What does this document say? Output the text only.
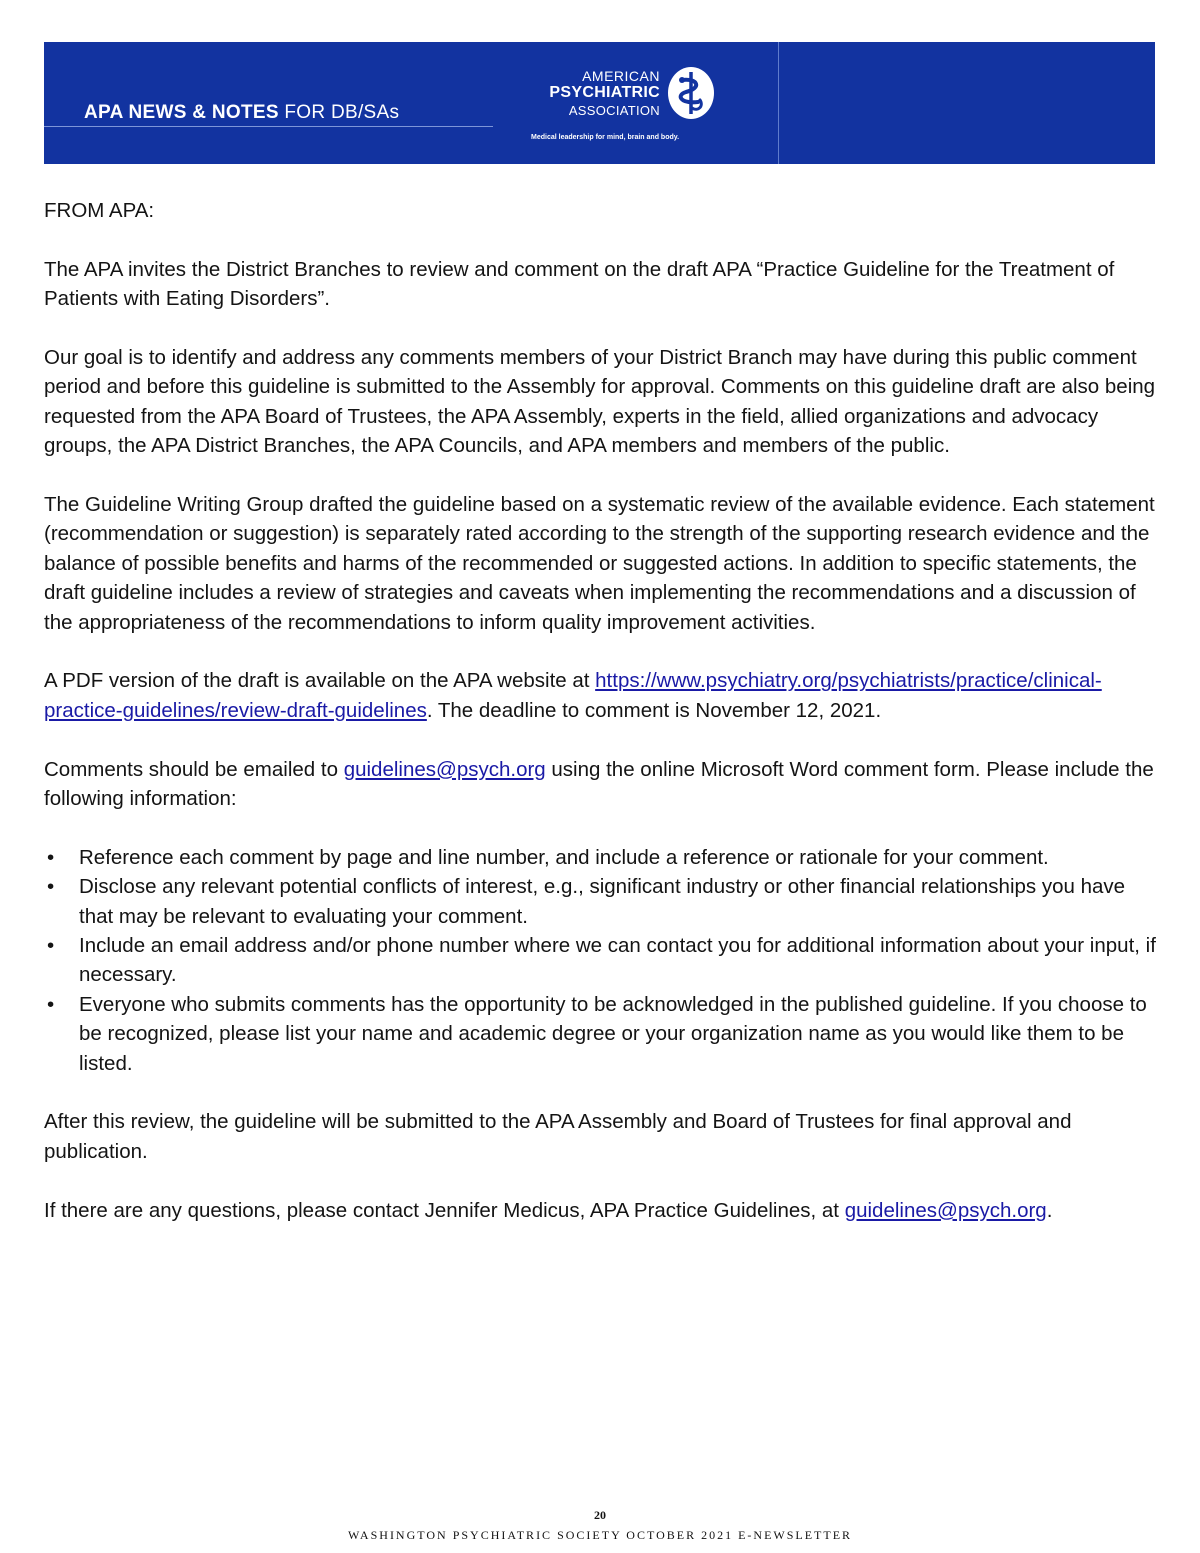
APA NEWS & NOTES FOR DB/SAs
AMERICAN
PSYCHIATRIC
ASSOCIATION
Medical leadership for mind, brain and body.

FROM APA:

The APA invites the District Branches to review and comment on the draft APA “Practice Guideline for the Treatment of Patients with Eating Disorders”.

Our goal is to identify and address any comments members of your District Branch may have during this public comment period and before this guideline is submitted to the Assembly for approval. Comments on this guideline draft are also being requested from the APA Board of Trustees, the APA Assembly, experts in the field, allied organizations and advocacy groups, the APA District Branches, the APA Councils, and APA members and members of the public.

The Guideline Writing Group drafted the guideline based on a systematic review of the available evidence. Each statement (recommendation or suggestion) is separately rated according to the strength of the supporting research evidence and the balance of possible benefits and harms of the recommended or suggested actions. In addition to specific statements, the draft guideline includes a review of strategies and caveats when implementing the recommendations and a discussion of the appropriateness of the recommendations to inform quality improvement activities.

A PDF version of the draft is available on the APA website at https://www.psychiatry.org/psychiatrists/practice/clinical-practice-guidelines/review-draft-guidelines. The deadline to comment is November 12, 2021.

Comments should be emailed to guidelines@psych.org using the online Microsoft Word comment form. Please include the following information:

• Reference each comment by page and line number, and include a reference or rationale for your comment.
• Disclose any relevant potential conflicts of interest, e.g., significant industry or other financial relationships you have that may be relevant to evaluating your comment.
• Include an email address and/or phone number where we can contact you for additional information about your input, if necessary.
• Everyone who submits comments has the opportunity to be acknowledged in the published guideline. If you choose to be recognized, please list your name and academic degree or your organization name as you would like them to be listed.

After this review, the guideline will be submitted to the APA Assembly and Board of Trustees for final approval and publication.

If there are any questions, please contact Jennifer Medicus, APA Practice Guidelines, at guidelines@psych.org.

20
WASHINGTON PSYCHIATRIC SOCIETY OCTOBER 2021 E-NEWSLETTER
